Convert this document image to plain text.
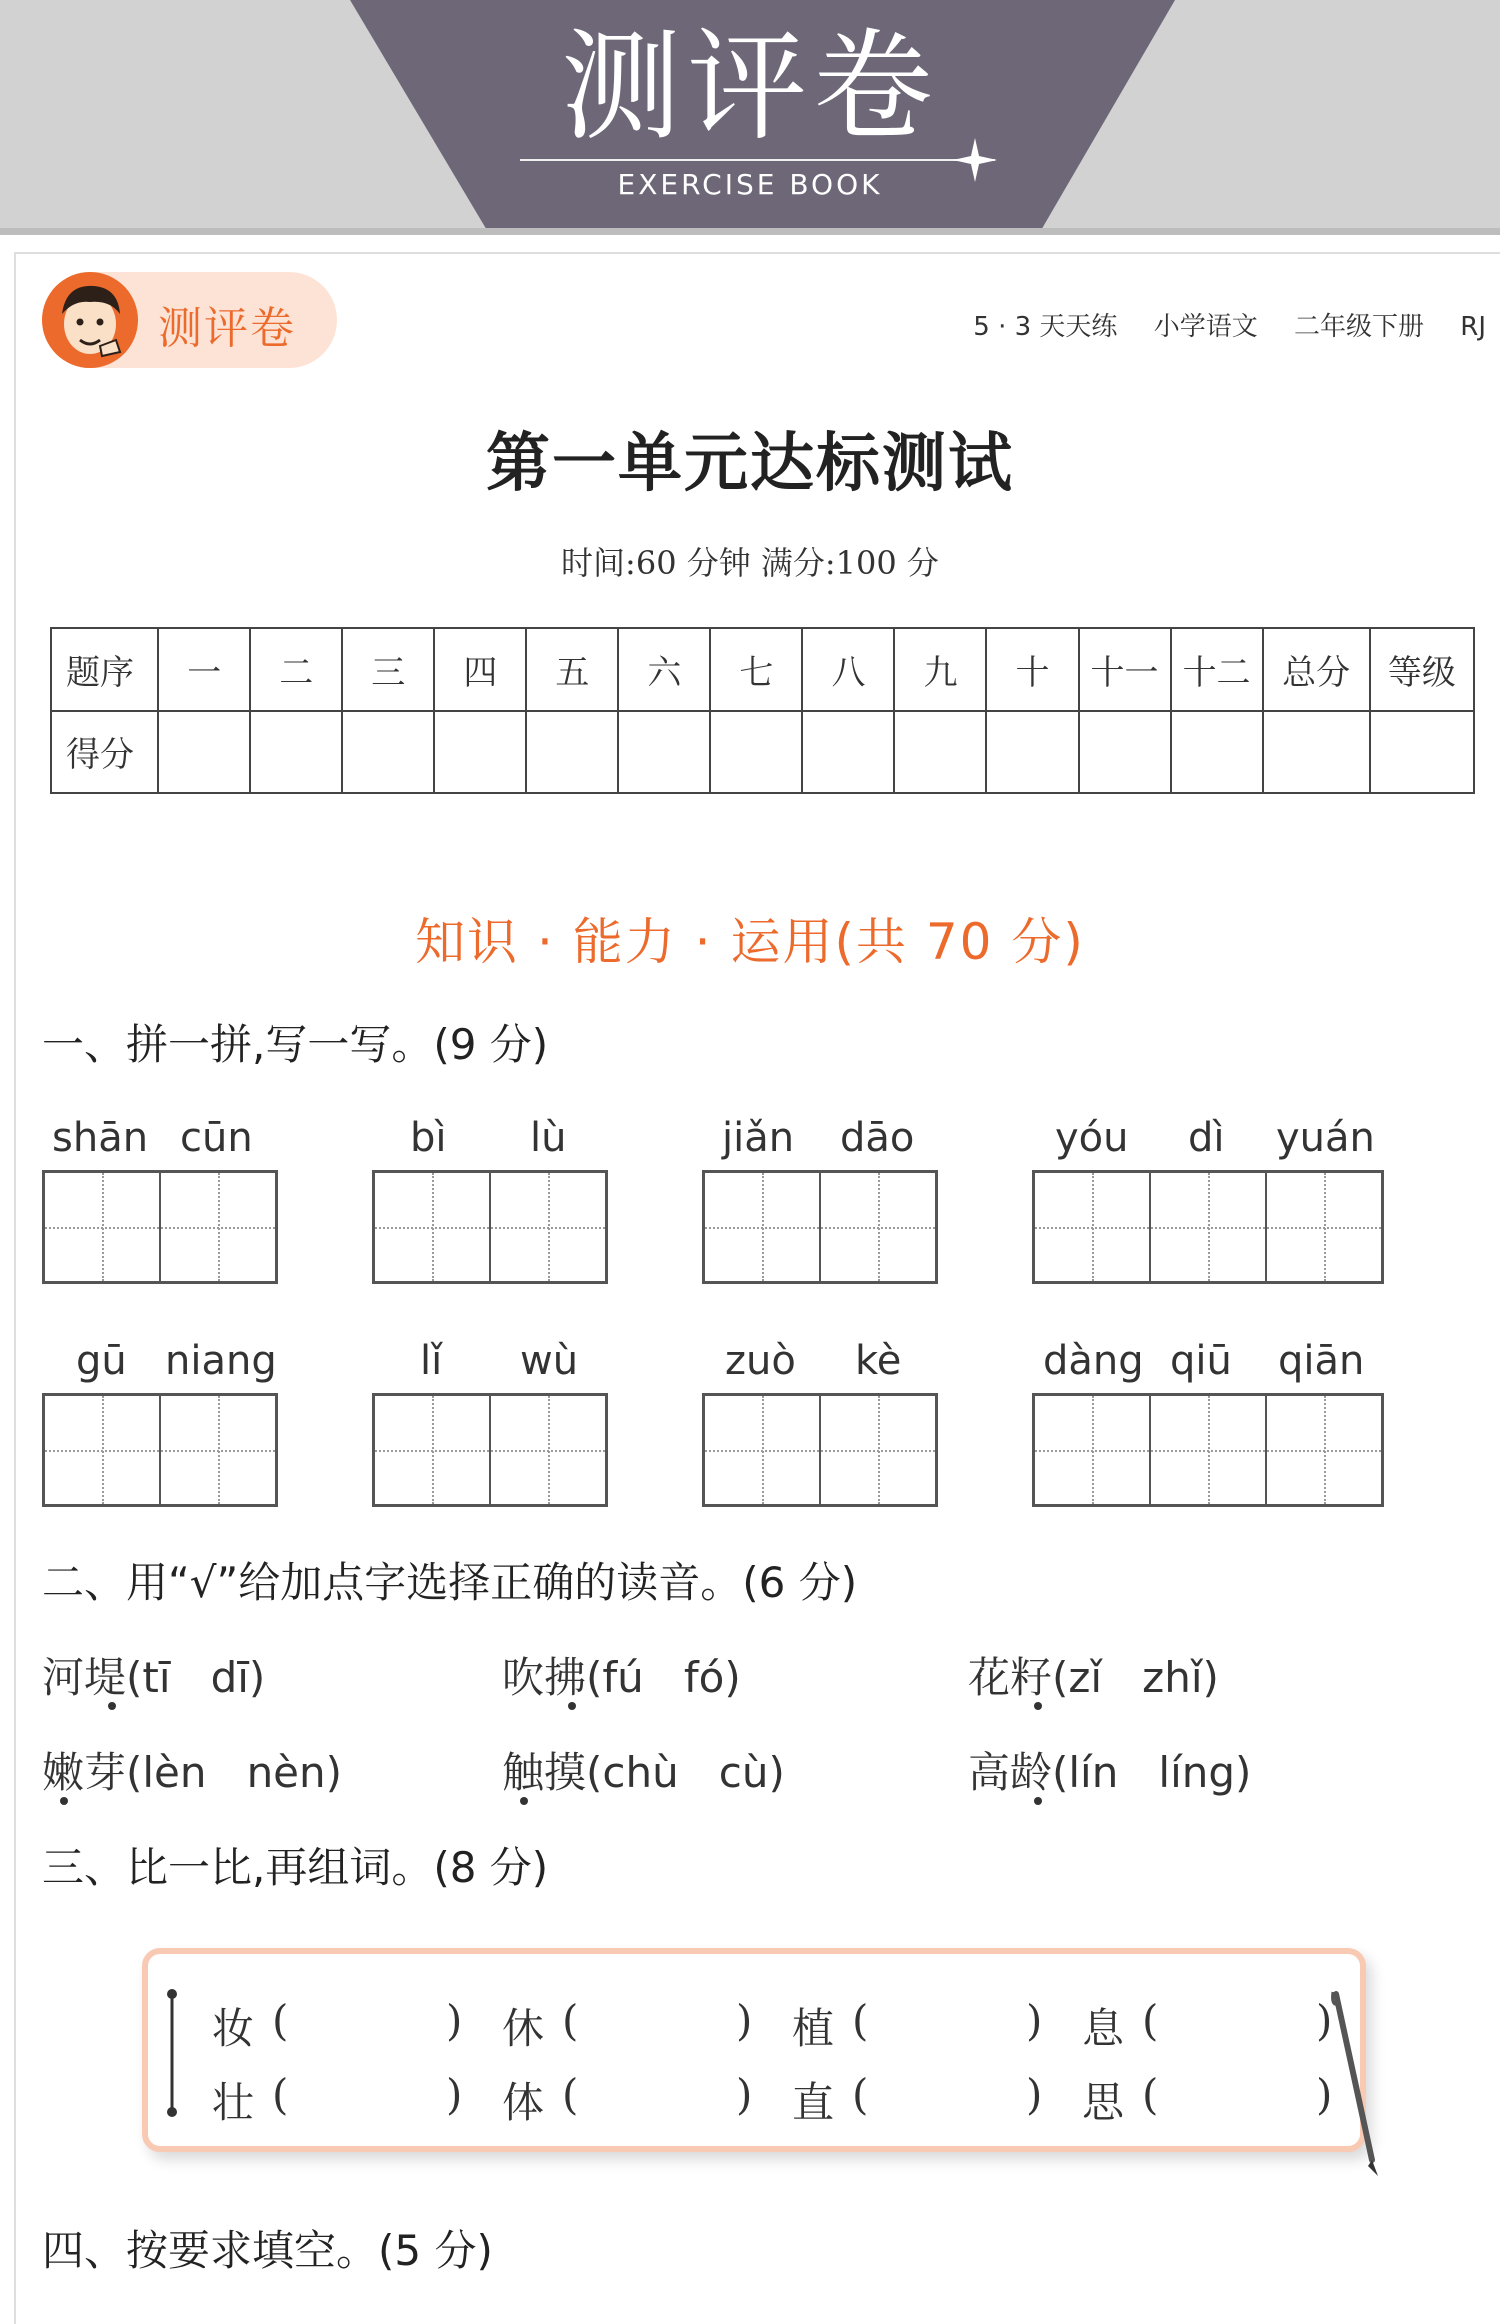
测评卷
EXERCISE BOOK
测评卷	5 · 3 天天练 小学语文 二年级下册 RJ
第一单元达标测试
时间:60 分钟 满分:100 分
题序	一	二	三	四	五	六	七	八	九	十	十一	十二	总分	等级
得分														
知识 · 能力 · 运用(共 70 分)
一、拼一拼,写一写。(9 分)
shān cūn	bì lù	jiǎn dāo	yóu dì yuán
gū niang	lǐ wù	zuò kè	dàng qiū qiān
二、用“√”给加点字选择正确的读音。(6 分)
河堤(tī   dī)	吹拂(fú   fó)	花籽(zǐ   zhǐ)
嫩芽(lèn   nèn)	触摸(chù   cù)	高龄(lín   líng)
三、比一比,再组词。(8 分)
妆 (	) 休 (	) 植 (	) 息 (	)
壮 (	) 体 (	) 直 (	) 思 (	)
四、按要求填空。(5 分)
